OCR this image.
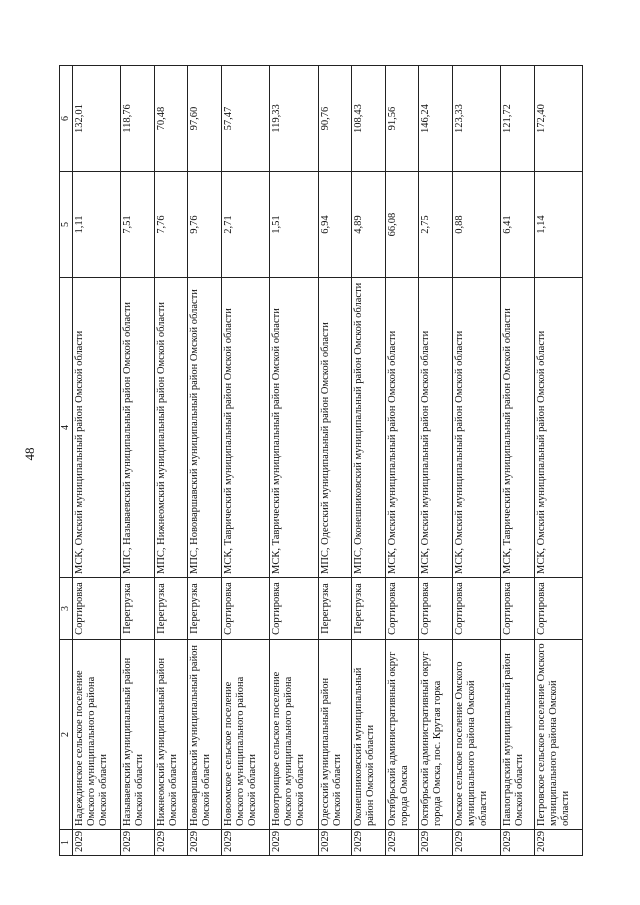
48
1	2	3	4	5	6
2029	Надеждинское сельское поселение Омского муниципального района Омской области	Сортировка	МСК, Омский муниципальный район Омской области	1,11	132,01
2029	Называевский муниципальный район Омской области	Перегрузка	МПС, Называевский муниципальный район Омской области	7,51	118,76
2029	Нижнеомский муниципальный район Омской области	Перегрузка	МПС, Нижнеомский муниципальный район Омской области	7,76	70,48
2029	Нововаршавский муниципальный район Омской области	Перегрузка	МПС, Нововаршавский муниципальный район Омской области	9,76	97,60
2029	Новоомское сельское поселение Омского муниципального района Омской области	Сортировка	МСК, Таврический муниципальный район Омской области	2,71	57,47
2029	Новотроицкое сельское поселение Омского муниципального района Омской области	Сортировка	МСК, Таврический муниципальный район Омской области	1,51	119,33
2029	Одесский муниципальный район Омской области	Перегрузка	МПС, Одесский муниципальный район Омской области	6,94	90,76
2029	Оконешниковский муниципальный район Омской области	Перегрузка	МПС, Оконешниковский муниципальный район Омской области	4,89	108,43
2029	Октябрьский административный округ города Омска	Сортировка	МСК, Омский муниципальный район Омской области	66,08	91,56
2029	Октябрьский административный округ города Омска, пос. Крутая горка	Сортировка	МСК, Омский муниципальный район Омской области	2,75	146,24
2029	Омское сельское поселение Омского муниципального района Омской области	Сортировка	МСК, Омский муниципальный район Омской области	0,88	123,33
2029	Павлоградский муниципальный район Омской области	Сортировка	МСК, Таврический муниципальный район Омской области	6,41	121,72
2029	Петровское сельское поселение Омского муниципального района Омской области	Сортировка	МСК, Омский муниципальный район Омской области	1,14	172,40
